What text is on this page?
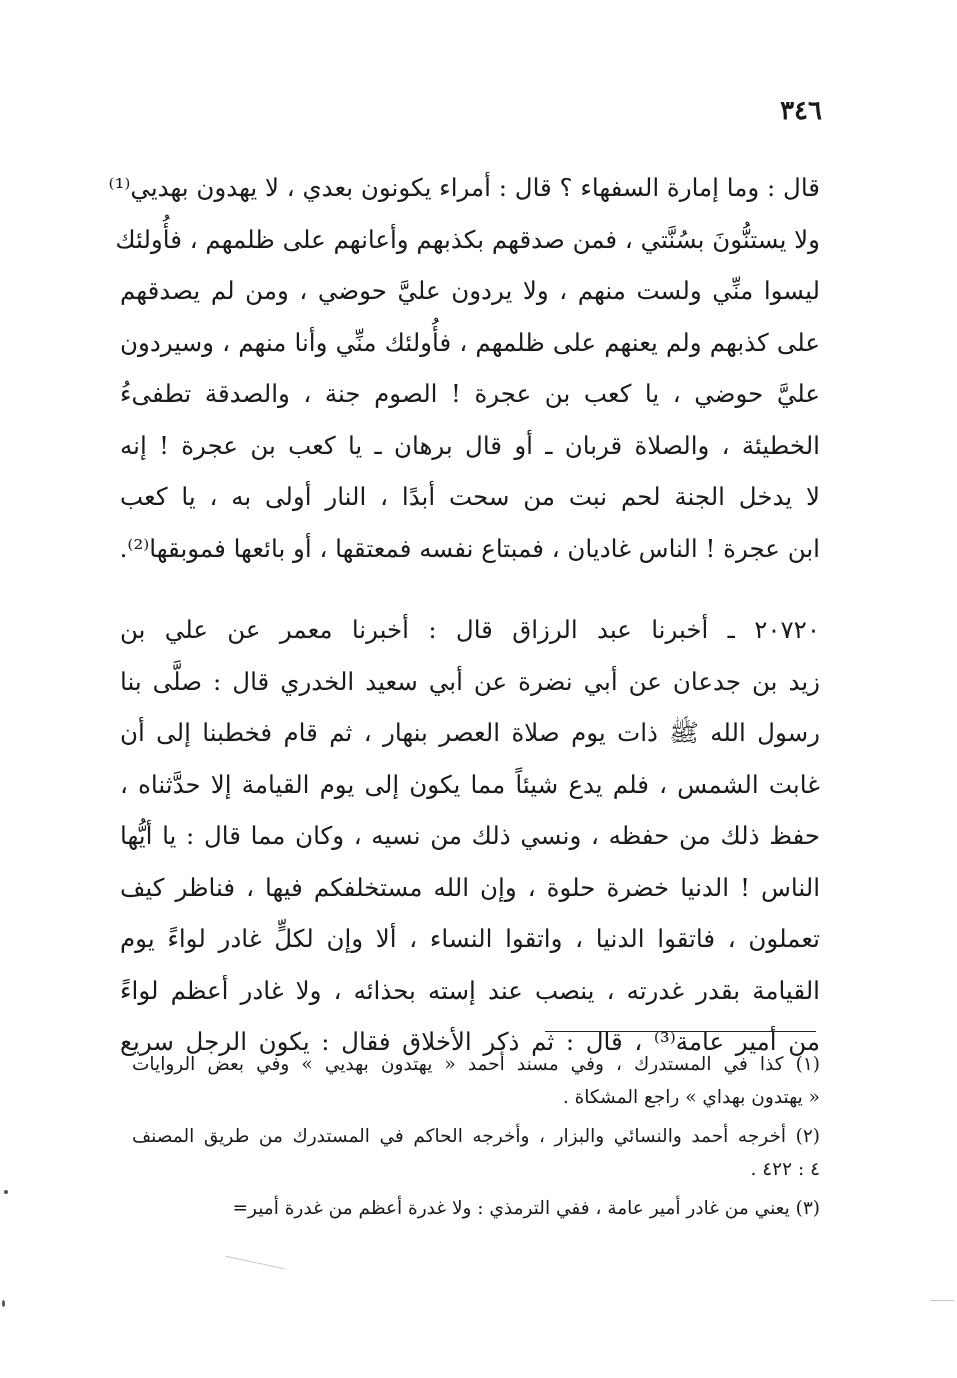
٣٤٦
قال : وما إمارة السفهاء ؟ قال : أمراء يكونون بعدي ، لا يهدون بهديي⁽¹⁾
ولا يستنُّونَ بسُنَّتي ، فمن صدقهم بكذبهم وأعانهم على ظلمهم ، فأُولئك
ليسوا منِّي ولست منهم ، ولا يردون عليَّ حوضي ، ومن لم يصدقهم
على كذبهم ولم يعنهم على ظلمهم ، فأُولئك منِّي وأنا منهم ، وسيردون
عليَّ حوضي ، يا كعب بن عجرة ! الصوم جنة ، والصدقة تطفىءُ
الخطيئة ، والصلاة قربان ـ أو قال برهان ـ يا كعب بن عجرة ! إنه
لا يدخل الجنة لحم نبت من سحت أبدًا ، النار أولى به ، يا كعب
ابن عجرة ! الناس غاديان ، فمبتاع نفسه فمعتقها ، أو بائعها فموبقها⁽²⁾.
٢٠٧٢٠ ـ أخبرنا عبد الرزاق قال : أخبرنا معمر عن علي بن
زيد بن جدعان عن أبي نضرة عن أبي سعيد الخدري قال : صلَّى بنا
رسول الله ﷺ ذات يوم صلاة العصر بنهار ، ثم قام فخطبنا إلى أن
غابت الشمس ، فلم يدع شيئاً مما يكون إلى يوم القيامة إلا حدَّثناه ،
حفظ ذلك من حفظه ، ونسي ذلك من نسيه ، وكان مما قال : يا أيُّها
الناس ! الدنيا خضرة حلوة ، وإن الله مستخلفكم فيها ، فناظر كيف
تعملون ، فاتقوا الدنيا ، واتقوا النساء ، ألا وإن لكلٍّ غادر لواءً يوم
القيامة بقدر غدرته ، ينصب عند إسته بحذائه ، ولا غادر أعظم لواءً
من أمير عامة⁽³⁾ ، قال : ثم ذكر الأخلاق فقال : يكون الرجل سريع
(١) كذا في المستدرك ، وفي مسند أحمد « يهتدون بهديي » وفي بعض الروايات
« يهتدون بهداي » راجع المشكاة .
(٢) أخرجه أحمد والنسائي والبزار ، وأخرجه الحاكم في المستدرك من طريق المصنف
٤ : ٤٢٢ .
(٣) يعني من غادر أمير عامة ، ففي الترمذي : ولا غدرة أعظم من غدرة أمير=
